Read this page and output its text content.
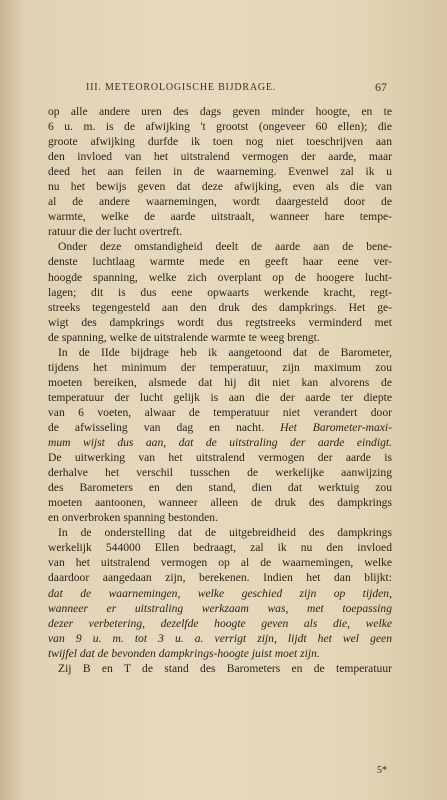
III. METEOROLOGISCHE BIJDRAGE.	67
op alle andere uren des dags geven minder hoogte, en te
6 u. m. is de afwijking 't grootst (ongeveer 60 ellen); die
groote afwijking durfde ik toen nog niet toeschrijven aan
den invloed van het uitstralend vermogen der aarde, maar
deed het aan feilen in de waarneming. Evenwel zal ik u
nu het bewijs geven dat deze afwijking, even als die van
al de andere waarnemingen, wordt daargesteld door de
warmte, welke de aarde uitstraalt, wanneer hare tempe-
ratuur die der lucht overtreft.
Onder deze omstandigheid deelt de aarde aan de bene-
denste luchtlaag warmte mede en geeft haar eene ver-
hoogde spanning, welke zich overplant op de hoogere lucht-
lagen; dit is dus eene opwaarts werkende kracht, regt-
streeks tegengesteld aan den druk des dampkrings. Het ge-
wigt des dampkrings wordt dus regtstreeks verminderd met
de spanning, welke de uitstralende warmte te weeg brengt.
In de IIde bijdrage heb ik aangetoond dat de Barometer,
tijdens het minimum der temperatuur, zijn maximum zou
moeten bereiken, alsmede dat hij dit niet kan alvorens de
temperatuur der lucht gelijk is aan die der aarde ter diepte
van 6 voeten, alwaar de temperatuur niet verandert door
de afwisseling van dag en nacht. Het Barometer-maxi-
mum wijst dus aan, dat de uitstraling der aarde eindigt.
De uitwerking van het uitstralend vermogen der aarde is
derhalve het verschil tusschen de werkelijke aanwijzing
des Barometers en den stand, dien dat werktuig zou
moeten aantoonen, wanneer alleen de druk des dampkrings
en onverbroken spanning bestonden.
In de onderstelling dat de uitgebreidheid des dampkrings
werkelijk 544000 Ellen bedraagt, zal ik nu den invloed
van het uitstralend vermogen op al de waarnemingen, welke
daardoor aangedaan zijn, berekenen. Indien het dan blijkt:
dat de waarnemingen, welke geschied zijn op tijden,
wanneer er uitstraling werkzaam was, met toepassing
dezer verbetering, dezelfde hoogte geven als die, welke
van 9 u. m. tot 3 u. a. verrigt zijn, lijdt het wel geen
twijfel dat de bevonden dampkrings-hoogte juist moet zijn.
Zij B en T de stand des Barometers en de temperatuur
5*
